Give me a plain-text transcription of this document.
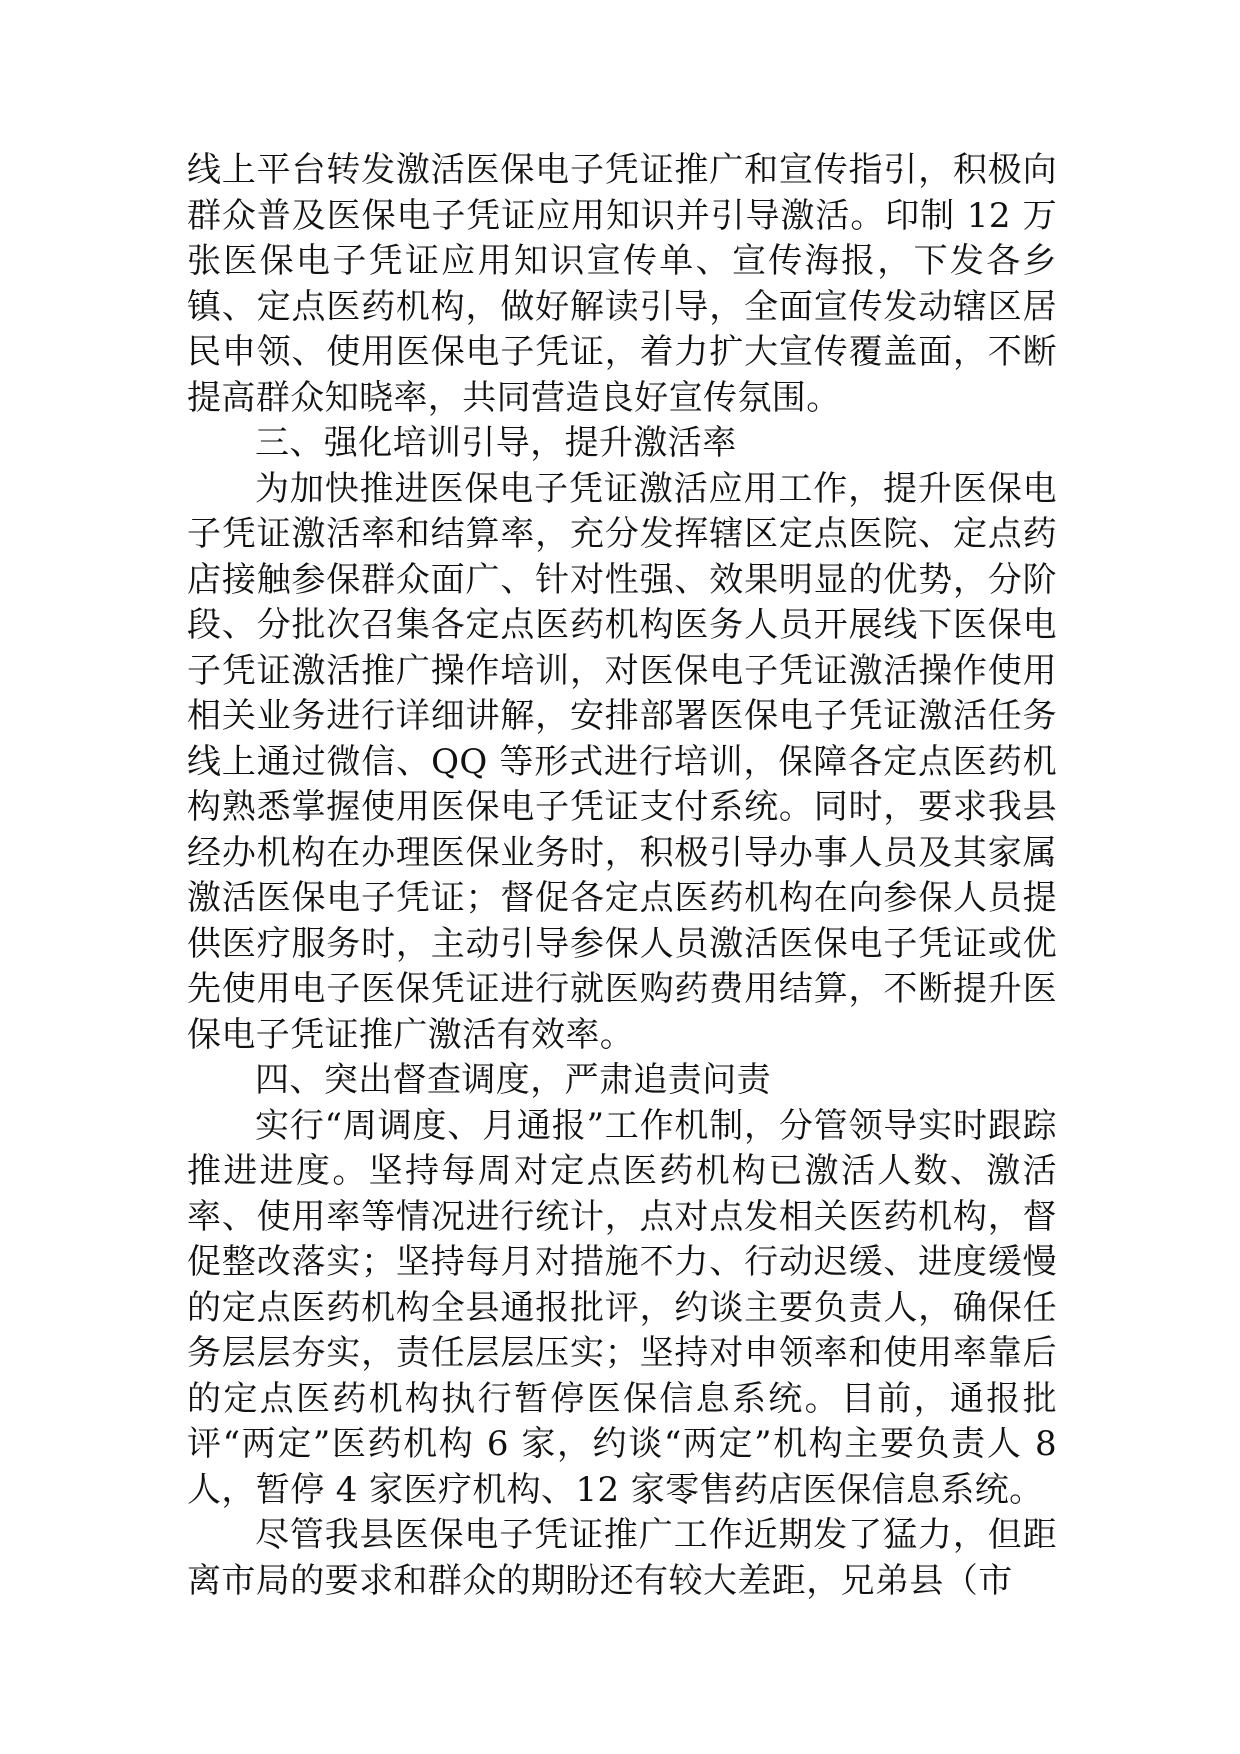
线上平台转发激活医保电子凭证推广和宣传指引，积极向群众普及医保电子凭证应用知识并引导激活。印制 12 万张医保电子凭证应用知识宣传单、宣传海报，下发各乡镇、定点医药机构，做好解读引导，全面宣传发动辖区居民申领、使用医保电子凭证，着力扩大宣传覆盖面，不断提高群众知晓率，共同营造良好宣传氛围。

三、强化培训引导，提升激活率

为加快推进医保电子凭证激活应用工作，提升医保电子凭证激活率和结算率，充分发挥辖区定点医院、定点药店接触参保群众面广、针对性强、效果明显的优势，分阶段、分批次召集各定点医药机构医务人员开展线下医保电子凭证激活推广操作培训，对医保电子凭证激活操作使用相关业务进行详细讲解，安排部署医保电子凭证激活任务线上通过微信、QQ 等形式进行培训，保障各定点医药机构熟悉掌握使用医保电子凭证支付系统。同时，要求我县经办机构在办理医保业务时，积极引导办事人员及其家属激活医保电子凭证；督促各定点医药机构在向参保人员提供医疗服务时，主动引导参保人员激活医保电子凭证或优先使用电子医保凭证进行就医购药费用结算，不断提升医保电子凭证推广激活有效率。

四、突出督查调度，严肃追责问责

实行“周调度、月通报”工作机制，分管领导实时跟踪推进进度。坚持每周对定点医药机构已激活人数、激活率、使用率等情况进行统计，点对点发相关医药机构，督促整改落实；坚持每月对措施不力、行动迟缓、进度缓慢的定点医药机构全县通报批评，约谈主要负责人，确保任务层层夯实，责任层层压实；坚持对申领率和使用率靠后的定点医药机构执行暂停医保信息系统。目前，通报批评“两定”医药机构 6 家，约谈“两定”机构主要负责人 8 人，暂停 4 家医疗机构、12 家零售药店医保信息系统。

尽管我县医保电子凭证推广工作近期发了猛力，但距离市局的要求和群众的期盼还有较大差距，兄弟县（市
